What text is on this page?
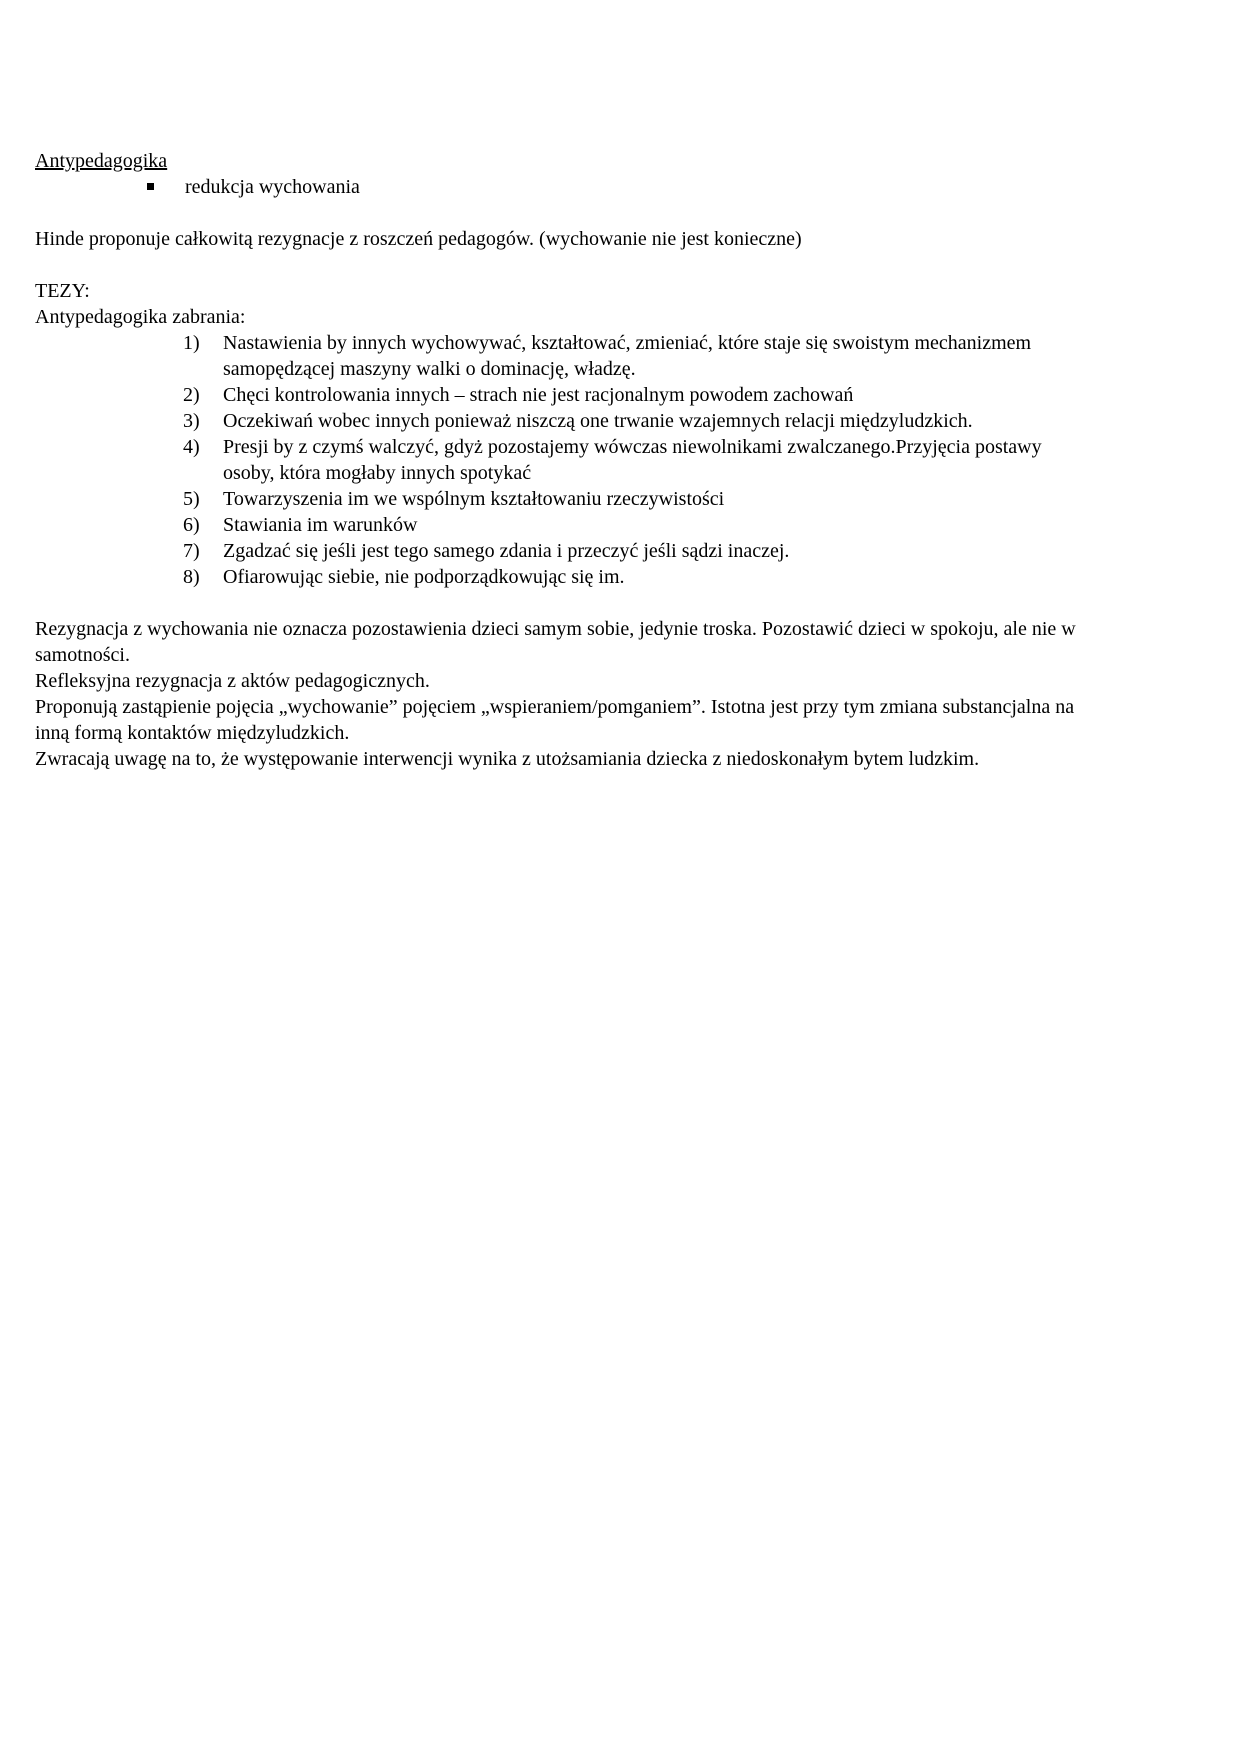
Antypedagogika

redukcja wychowania

Hinde proponuje całkowitą rezygnacje z roszczeń pedagogów. (wychowanie nie jest konieczne)

TEZY:

Antypedagogika zabrania:

1) Nastawienia by innych wychowywać, kształtować, zmieniać, które staje się swoistym mechanizmem samopędzącej maszyny walki o dominację, władzę.
2) Chęci kontrolowania innych – strach nie jest racjonalnym powodem zachowań
3) Oczekiwań wobec innych ponieważ niszczą one trwanie wzajemnych relacji międzyludzkich.
4) Presji by z czymś walczyć, gdyż pozostajemy wówczas niewolnikami zwalczanego.Przyjęcia postawy osoby, która mogłaby innych spotykać
5) Towarzyszenia im we wspólnym kształtowaniu rzeczywistości
6) Stawiania im warunków
7) Zgadzać się jeśli jest tego samego zdania i przeczyć jeśli sądzi inaczej.
8) Ofiarowując siebie, nie podporządkowując się im.

Rezygnacja z wychowania nie oznacza pozostawienia dzieci samym sobie, jedynie troska. Pozostawić dzieci w spokoju, ale nie w samotności.

Refleksyjna rezygnacja z aktów pedagogicznych.

Proponują zastąpienie pojęcia „wychowanie” pojęciem „wspieraniem/pomganiem”. Istotna jest przy tym zmiana substancjalna na inną formą kontaktów międzyludzkich.

Zwracają uwagę na to, że występowanie interwencji wynika z utożsamiania dziecka z niedoskonałym bytem ludzkim.
